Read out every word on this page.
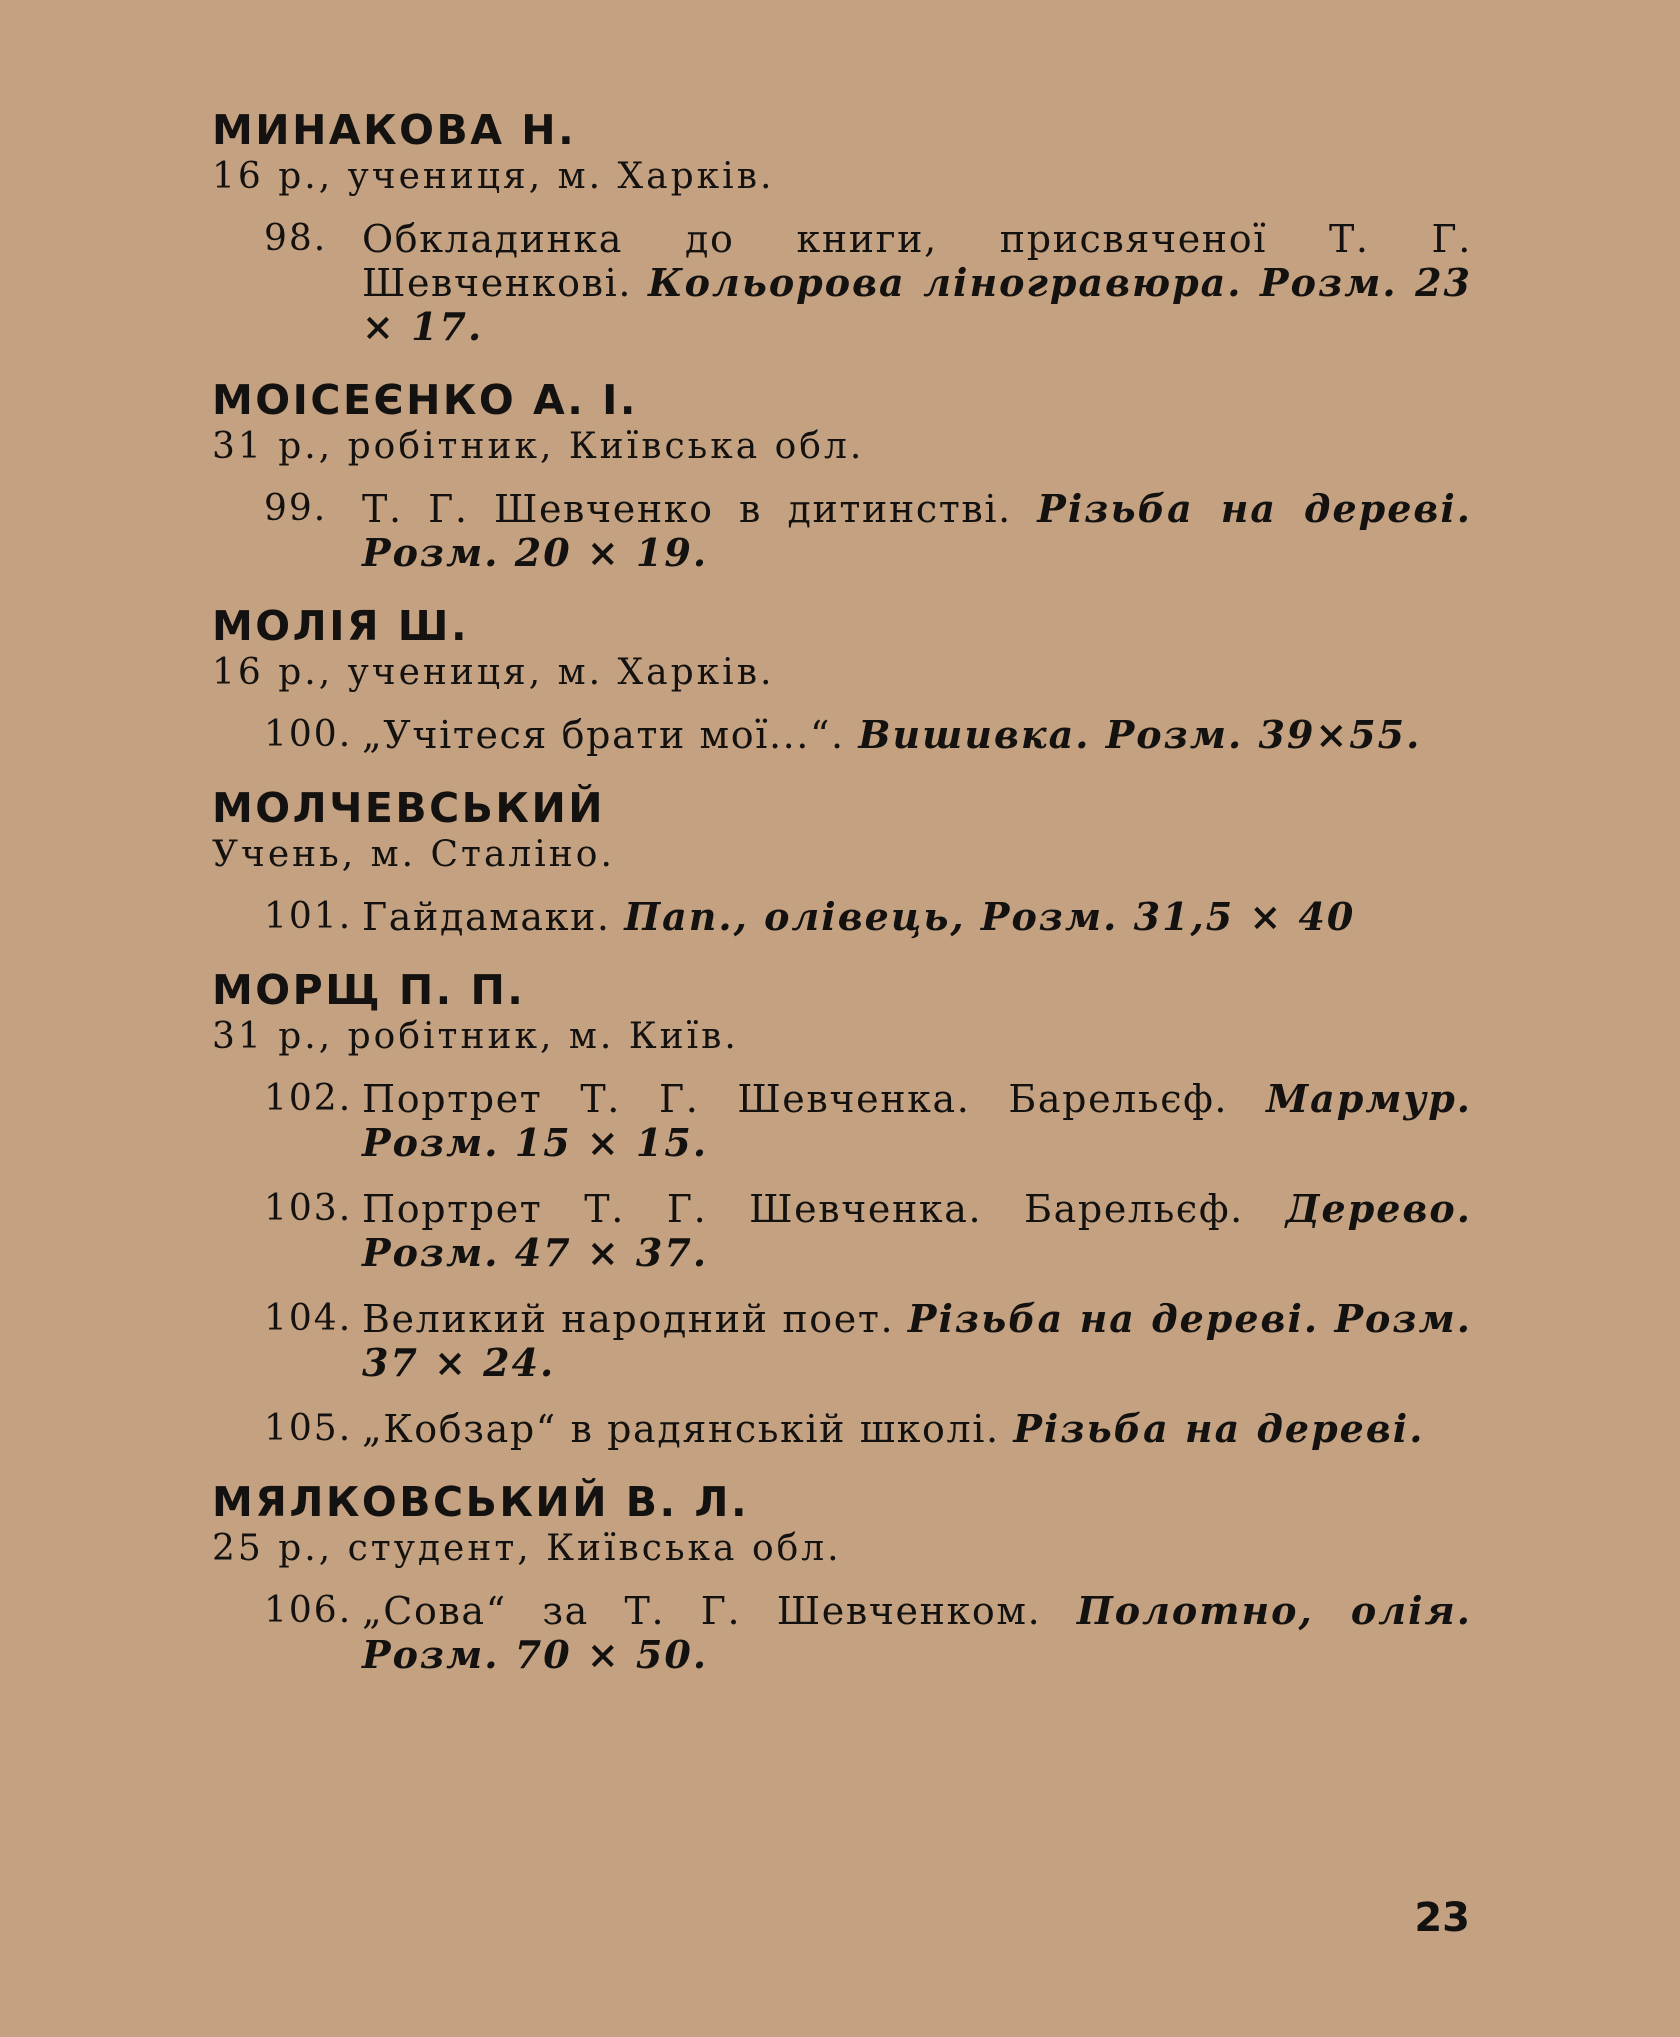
МИНАКОВА Н.
16 р., учениця, м. Харків.
98. Обкладинка до книги, присвяченої Т. Г. Шевченкові. Кольорова ліногравюра. Розм. 23 × 17.
МОІСЕЄНКО А. І.
31 р., робітник, Київська обл.
99. Т. Г. Шевченко в дитинстві. Різьба на дереві. Розм. 20 × 19.
МОЛІЯ Ш.
16 р., учениця, м. Харків.
100. „Учітеся брати мої...“. Вишивка. Розм. 39×55.
МОЛЧЕВСЬКИЙ
Учень, м. Сталіно.
101. Гайдамаки. Пап., олівець, Розм. 31,5 × 40
МОРЩ П. П.
31 р., робітник, м. Київ.
102. Портрет Т. Г. Шевченка. Барельєф. Мармур. Розм. 15 × 15.
103. Портрет Т. Г. Шевченка. Барельєф. Дерево. Розм. 47 × 37.
104. Великий народний поет. Різьба на дереві. Розм. 37 × 24.
105. „Кобзар“ в радянській школі. Різьба на дереві.
МЯЛКОВСЬКИЙ В. Л.
25 р., студент, Київська обл.
106. „Сова“ за Т. Г. Шевченком. Полотно, олія. Розм. 70 × 50.
23
